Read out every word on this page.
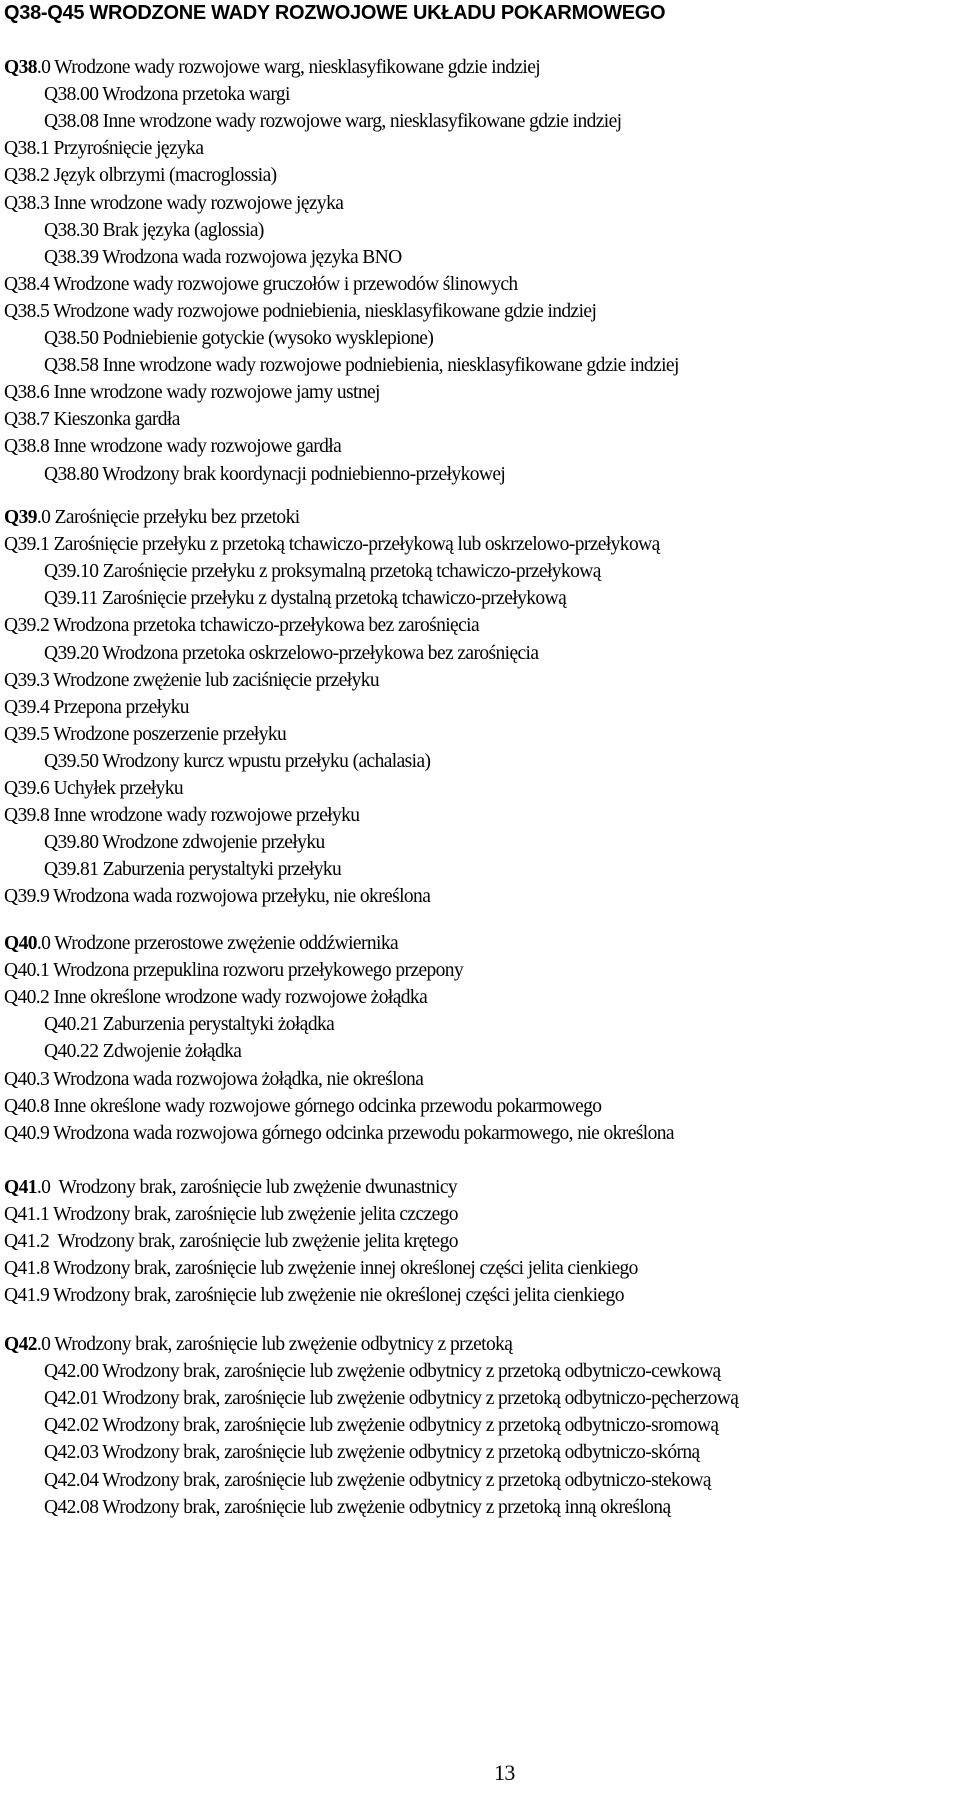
Q38-Q45 WRODZONE WADY ROZWOJOWE UKŁADU POKARMOWEGO
Q38.0 Wrodzone wady rozwojowe warg, niesklasyfikowane gdzie indziej
Q38.00 Wrodzona przetoka wargi
Q38.08 Inne wrodzone wady rozwojowe warg, niesklasyfikowane gdzie indziej
Q38.1 Przyrośnięcie języka
Q38.2 Język olbrzymi (macroglossia)
Q38.3 Inne wrodzone wady rozwojowe języka
Q38.30 Brak języka (aglossia)
Q38.39 Wrodzona wada rozwojowa języka BNO
Q38.4 Wrodzone wady rozwojowe gruczołów i przewodów ślinowych
Q38.5 Wrodzone wady rozwojowe podniebienia, niesklasyfikowane gdzie indziej
Q38.50 Podniebienie gotyckie (wysoko wysklepione)
Q38.58 Inne wrodzone wady rozwojowe podniebienia, niesklasyfikowane gdzie indziej
Q38.6 Inne wrodzone wady rozwojowe jamy ustnej
Q38.7 Kieszonka gardła
Q38.8 Inne wrodzone wady rozwojowe gardła
Q38.80 Wrodzony brak koordynacji podniebienno-przełykowej
Q39.0 Zarośnięcie przełyku bez przetoki
Q39.1 Zarośnięcie przełyku z przetoką tchawiczo-przełykową lub oskrzelowo-przełykową
Q39.10 Zarośnięcie przełyku z proksymalną przetoką tchawiczo-przełykową
Q39.11 Zarośnięcie przełyku z dystalną przetoką tchawiczo-przełykową
Q39.2 Wrodzona przetoka tchawiczo-przełykowa bez zarośnięcia
Q39.20 Wrodzona przetoka oskrzelowo-przełykowa bez zarośnięcia
Q39.3 Wrodzone zwężenie lub zaciśnięcie przełyku
Q39.4 Przepona przełyku
Q39.5 Wrodzone poszerzenie przełyku
Q39.50 Wrodzony kurcz wpustu przełyku (achalasia)
Q39.6 Uchyłek przełyku
Q39.8 Inne wrodzone wady rozwojowe przełyku
Q39.80 Wrodzone zdwojenie przełyku
Q39.81 Zaburzenia perystaltyki przełyku
Q39.9 Wrodzona wada rozwojowa przełyku, nie określona
Q40.0 Wrodzone przerostowe zwężenie oddźwiernika
Q40.1 Wrodzona przepuklina rozworu przełykowego przepony
Q40.2 Inne określone wrodzone wady rozwojowe żołądka
Q40.21 Zaburzenia perystaltyki żołądka
Q40.22 Zdwojenie żołądka
Q40.3 Wrodzona wada rozwojowa żołądka, nie określona
Q40.8 Inne określone wady rozwojowe górnego odcinka przewodu pokarmowego
Q40.9 Wrodzona wada rozwojowa górnego odcinka przewodu pokarmowego, nie określona
Q41.0  Wrodzony brak, zarośnięcie lub zwężenie dwunastnicy
Q41.1 Wrodzony brak, zarośnięcie lub zwężenie jelita czczego
Q41.2  Wrodzony brak, zarośnięcie lub zwężenie jelita krętego
Q41.8 Wrodzony brak, zarośnięcie lub zwężenie innej określonej części jelita cienkiego
Q41.9 Wrodzony brak, zarośnięcie lub zwężenie nie określonej części jelita cienkiego
Q42.0 Wrodzony brak, zarośnięcie lub zwężenie odbytnicy z przetoką
Q42.00 Wrodzony brak, zarośnięcie lub zwężenie odbytnicy z przetoką odbytniczo-cewkową
Q42.01 Wrodzony brak, zarośnięcie lub zwężenie odbytnicy z przetoką odbytniczo-pęcherzową
Q42.02 Wrodzony brak, zarośnięcie lub zwężenie odbytnicy z przetoką odbytniczo-sromową
Q42.03 Wrodzony brak, zarośnięcie lub zwężenie odbytnicy z przetoką odbytniczo-skórną
Q42.04 Wrodzony brak, zarośnięcie lub zwężenie odbytnicy z przetoką odbytniczo-stekową
Q42.08 Wrodzony brak, zarośnięcie lub zwężenie odbytnicy z przetoką inną określoną
13
